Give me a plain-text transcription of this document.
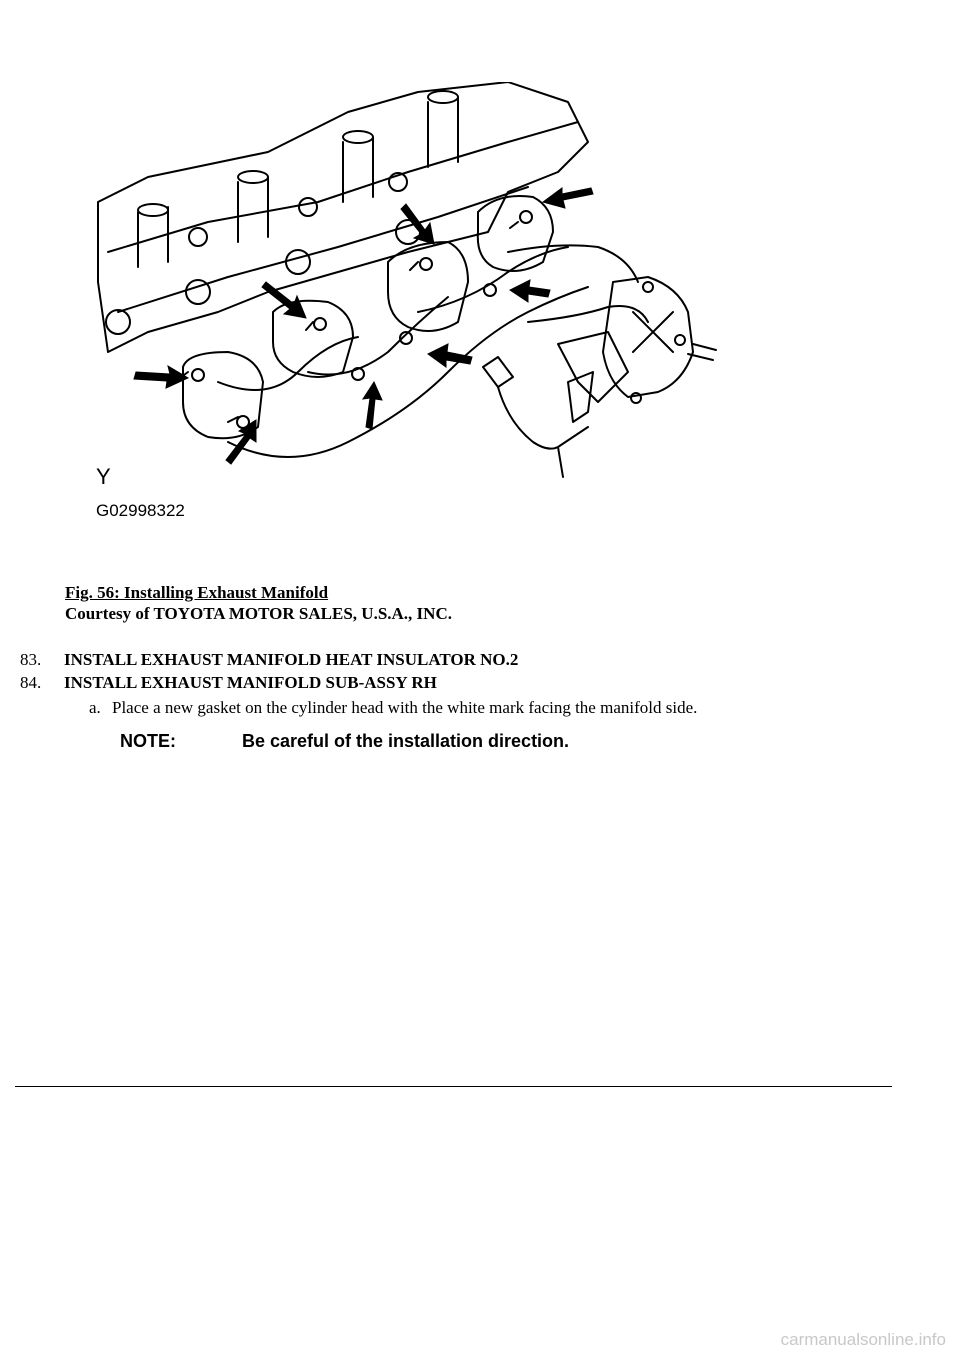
Y
G02998322
Fig. 56: Installing Exhaust Manifold
Courtesy of TOYOTA MOTOR SALES, U.S.A., INC.
83. INSTALL EXHAUST MANIFOLD HEAT INSULATOR NO.2
84. INSTALL EXHAUST MANIFOLD SUB-ASSY RH
a. Place a new gasket on the cylinder head with the white mark facing the manifold side.
NOTE:	Be careful of the installation direction.
carmanualsonline.info
